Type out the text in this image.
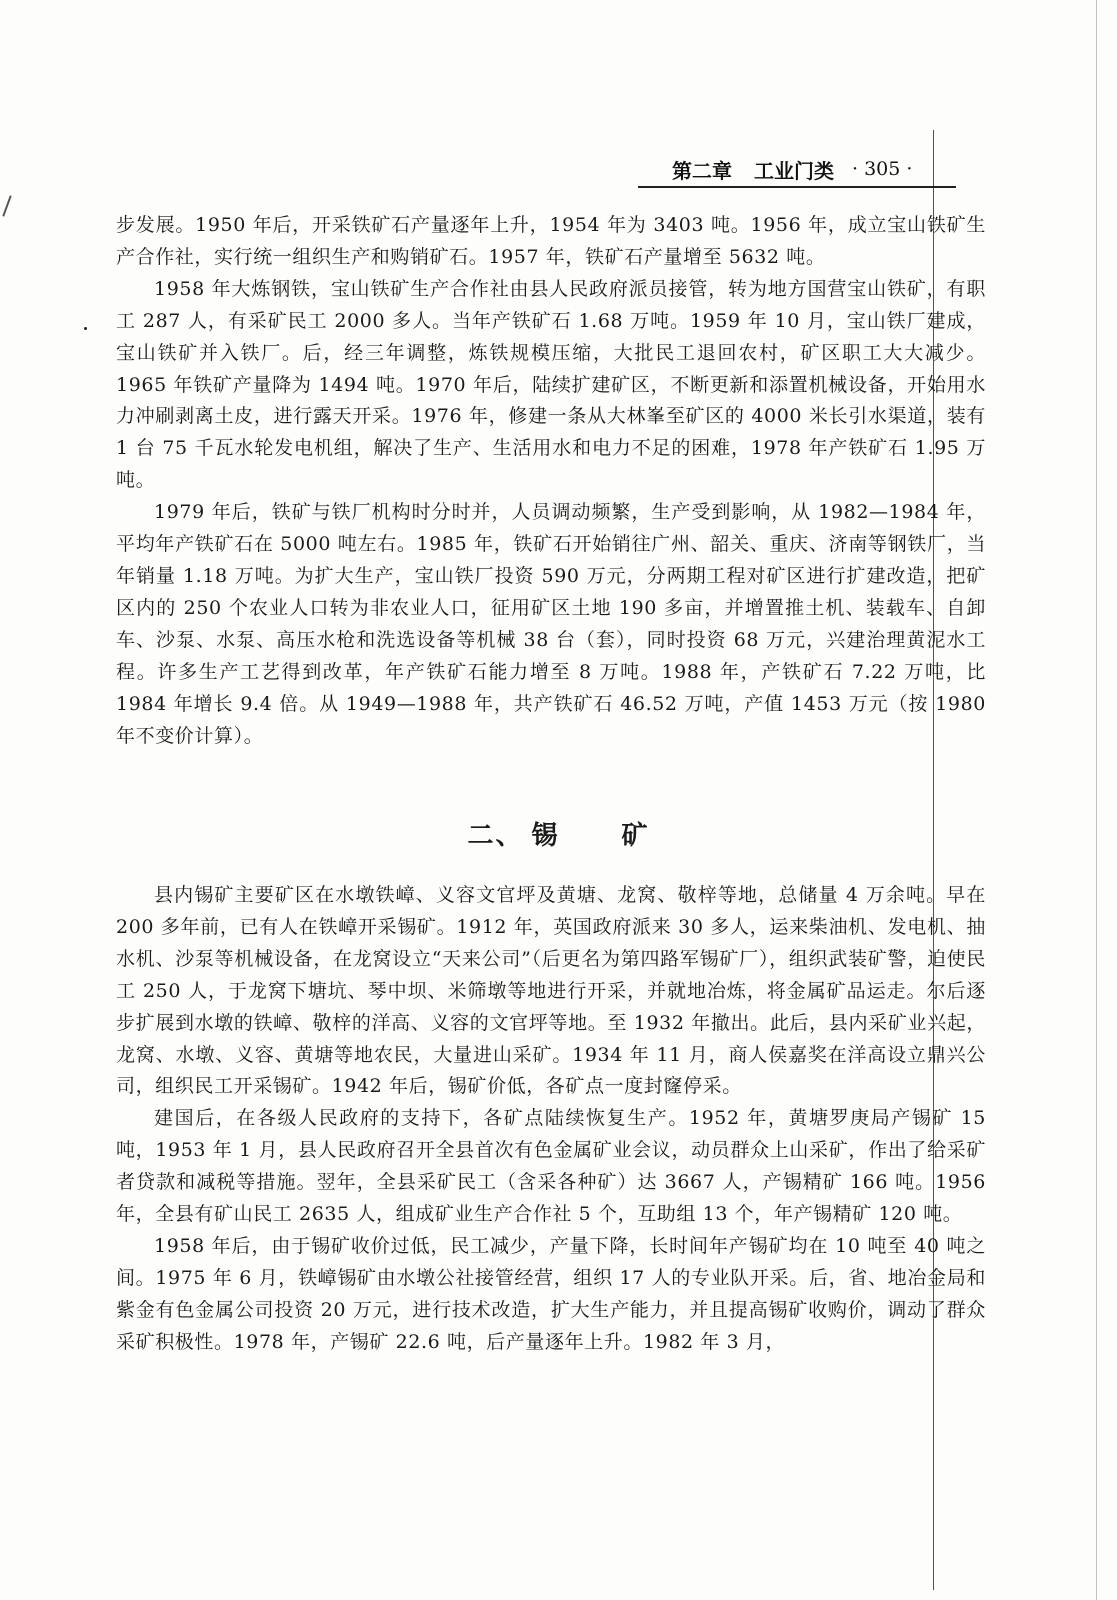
第二章 工业门类 · 305 ·

步发展。1950 年后，开采铁矿石产量逐年上升，1954 年为 3403 吨。1956 年，成立宝山铁矿生产合作社，实行统一组织生产和购销矿石。1957 年，铁矿石产量增至 5632 吨。

1958 年大炼钢铁，宝山铁矿生产合作社由县人民政府派员接管，转为地方国营宝山铁矿，有职工 287 人，有采矿民工 2000 多人。当年产铁矿石 1.68 万吨。1959 年 10 月，宝山铁厂建成，宝山铁矿并入铁厂。后，经三年调整，炼铁规模压缩，大批民工退回农村，矿区职工大大减少。1965 年铁矿产量降为 1494 吨。1970 年后，陆续扩建矿区，不断更新和添置机械设备，开始用水力冲刷剥离土皮，进行露天开采。1976 年，修建一条从大林峯至矿区的 4000 米长引水渠道，装有 1 台 75 千瓦水轮发电机组，解决了生产、生活用水和电力不足的困难，1978 年产铁矿石 1.95 万吨。

1979 年后，铁矿与铁厂机构时分时并，人员调动频繁，生产受到影响，从 1982—1984 年，平均年产铁矿石在 5000 吨左右。1985 年，铁矿石开始销往广州、韶关、重庆、济南等钢铁厂，当年销量 1.18 万吨。为扩大生产，宝山铁厂投资 590 万元，分两期工程对矿区进行扩建改造，把矿区内的 250 个农业人口转为非农业人口，征用矿区土地 190 多亩，并增置推土机、装载车、自卸车、沙泵、水泵、高压水枪和洗选设备等机械 38 台（套），同时投资 68 万元，兴建治理黄泥水工程。许多生产工艺得到改革，年产铁矿石能力增至 8 万吨。1988 年，产铁矿石 7.22 万吨，比 1984 年增长 9.4 倍。从 1949—1988 年，共产铁矿石 46.52 万吨，产值 1453 万元（按 1980 年不变价计算）。

二、 锡 矿

县内锡矿主要矿区在水墩铁嶂、义容文官坪及黄塘、龙窝、敬梓等地，总储量 4 万余吨。早在 200 多年前，已有人在铁嶂开采锡矿。1912 年，英国政府派来 30 多人，运来柴油机、发电机、抽水机、沙泵等机械设备，在龙窝设立“天来公司”（后更名为第四路军锡矿厂），组织武装矿警，迫使民工 250 人，于龙窝下塘坑、琴中坝、米筛墩等地进行开采，并就地冶炼，将金属矿品运走。尔后逐步扩展到水墩的铁嶂、敬梓的洋高、义容的文官坪等地。至 1932 年撤出。此后，县内采矿业兴起，龙窝、水墩、义容、黄塘等地农民，大量进山采矿。1934 年 11 月，商人侯嘉奖在洋高设立鼎兴公司，组织民工开采锡矿。1942 年后，锡矿价低，各矿点一度封窿停采。

建国后，在各级人民政府的支持下，各矿点陆续恢复生产。1952 年，黄塘罗庚局产锡矿 15 吨，1953 年 1 月，县人民政府召开全县首次有色金属矿业会议，动员群众上山采矿，作出了给采矿者贷款和减税等措施。翌年，全县采矿民工（含采各种矿）达 3667 人，产锡精矿 166 吨。1956 年，全县有矿山民工 2635 人，组成矿业生产合作社 5 个，互助组 13 个，年产锡精矿 120 吨。

1958 年后，由于锡矿收价过低，民工减少，产量下降，长时间年产锡矿均在 10 吨至 40 吨之间。1975 年 6 月，铁嶂锡矿由水墩公社接管经营，组织 17 人的专业队开采。后，省、地冶金局和紫金有色金属公司投资 20 万元，进行技术改造，扩大生产能力，并且提高锡矿收购价，调动了群众采矿积极性。1978 年，产锡矿 22.6 吨，后产量逐年上升。1982 年 3 月，
